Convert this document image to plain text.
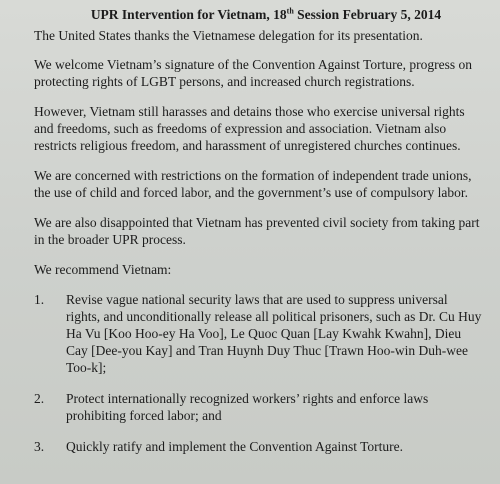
UPR Intervention for Vietnam, 18th Session February 5, 2014

The United States thanks the Vietnamese delegation for its presentation.

We welcome Vietnam’s signature of the Convention Against Torture, progress on protecting rights of LGBT persons, and increased church registrations.

However, Vietnam still harasses and detains those who exercise universal rights and freedoms, such as freedoms of expression and association. Vietnam also restricts religious freedom, and harassment of unregistered churches continues.

We are concerned with restrictions on the formation of independent trade unions, the use of child and forced labor, and the government’s use of compulsory labor.

We are also disappointed that Vietnam has prevented civil society from taking part in the broader UPR process.

We recommend Vietnam:
1.	Revise vague national security laws that are used to suppress universal rights, and unconditionally release all political prisoners, such as Dr. Cu Huy Ha Vu [Koo Hoo-ey Ha Voo], Le Quoc Quan [Lay Kwahk Kwahn], Dieu Cay [Dee-you Kay] and Tran Huynh Duy Thuc [Trawn Hoo-win Duh-wee Too-k];
2.	Protect internationally recognized workers’ rights and enforce laws prohibiting forced labor; and
3.	Quickly ratify and implement the Convention Against Torture.
